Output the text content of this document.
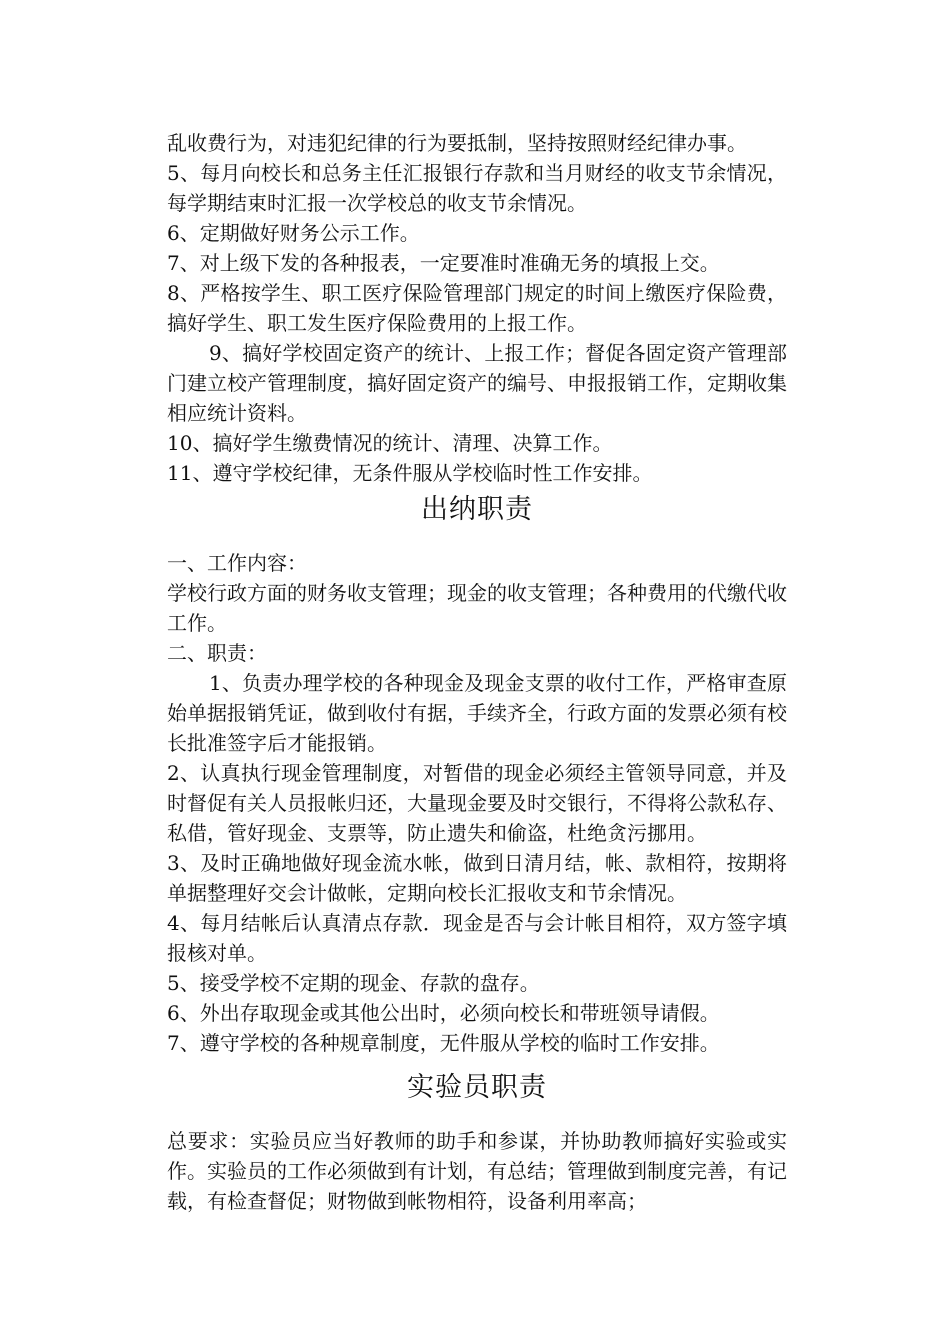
乱收费行为，对违犯纪律的行为要抵制，坚持按照财经纪律办事。

5、每月向校长和总务主任汇报银行存款和当月财经的收支节余情况，每学期结束时汇报一次学校总的收支节余情况。

6、定期做好财务公示工作。

7、对上级下发的各种报表，一定要准时准确无务的填报上交。

8、严格按学生、职工医疗保险管理部门规定的时间上缴医疗保险费，搞好学生、职工发生医疗保险费用的上报工作。

9、搞好学校固定资产的统计、上报工作；督促各固定资产管理部门建立校产管理制度，搞好固定资产的编号、申报报销工作，定期收集相应统计资料。

10、搞好学生缴费情况的统计、清理、决算工作。

11、遵守学校纪律，无条件服从学校临时性工作安排。

出纳职责

一、工作内容：

学校行政方面的财务收支管理；现金的收支管理；各种费用的代缴代收工作。

二、职责：

1、负责办理学校的各种现金及现金支票的收付工作，严格审查原始单据报销凭证，做到收付有据，手续齐全，行政方面的发票必须有校长批准签字后才能报销。

2、认真执行现金管理制度，对暂借的现金必须经主管领导同意，并及时督促有关人员报帐归还，大量现金要及时交银行，不得将公款私存、私借，管好现金、支票等，防止遗失和偷盗，杜绝贪污挪用。

3、及时正确地做好现金流水帐，做到日清月结，帐、款相符，按期将单据整理好交会计做帐，定期向校长汇报收支和节余情况。

4、每月结帐后认真清点存款．现金是否与会计帐目相符，双方签字填报核对单。

5、接受学校不定期的现金、存款的盘存。

6、外出存取现金或其他公出时，必须向校长和带班领导请假。

7、遵守学校的各种规章制度，无件服从学校的临时工作安排。

实验员职责

总要求：实验员应当好教师的助手和参谋，并协助教师搞好实验或实作。实验员的工作必须做到有计划，有总结；管理做到制度完善，有记载，有检查督促；财物做到帐物相符，设备利用率高；
